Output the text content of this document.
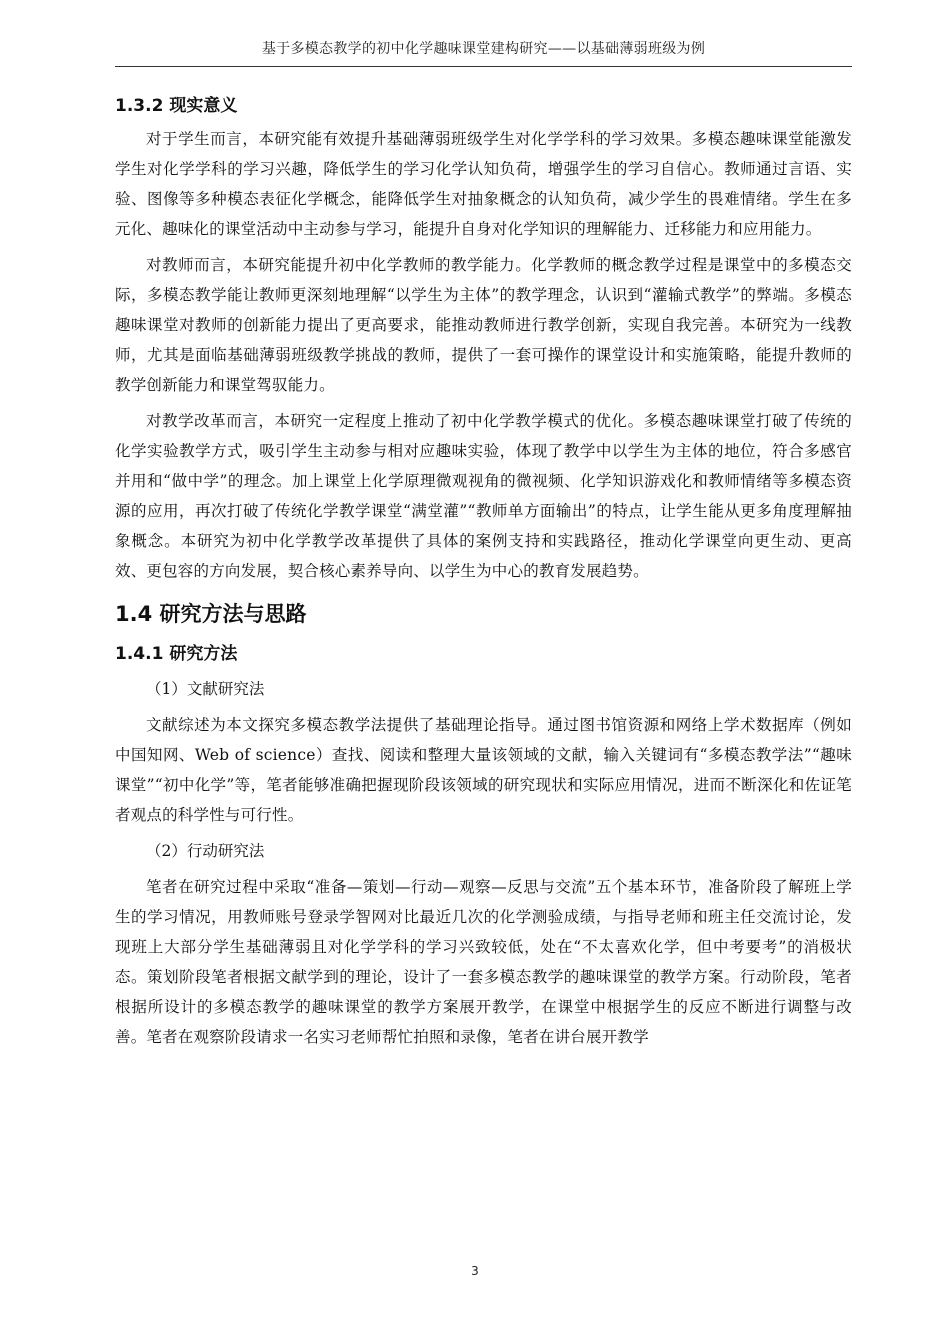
基于多模态教学的初中化学趣味课堂建构研究——以基础薄弱班级为例

1.3.2 现实意义

对于学生而言，本研究能有效提升基础薄弱班级学生对化学学科的学习效果。多模态趣味课堂能激发学生对化学学科的学习兴趣，降低学生的学习化学认知负荷，增强学生的学习自信心。教师通过言语、实验、图像等多种模态表征化学概念，能降低学生对抽象概念的认知负荷，减少学生的畏难情绪。学生在多元化、趣味化的课堂活动中主动参与学习，能提升自身对化学知识的理解能力、迁移能力和应用能力。

对教师而言，本研究能提升初中化学教师的教学能力。化学教师的概念教学过程是课堂中的多模态交际，多模态教学能让教师更深刻地理解“以学生为主体”的教学理念，认识到“灌输式教学”的弊端。多模态趣味课堂对教师的创新能力提出了更高要求，能推动教师进行教学创新，实现自我完善。本研究为一线教师，尤其是面临基础薄弱班级教学挑战的教师，提供了一套可操作的课堂设计和实施策略，能提升教师的教学创新能力和课堂驾驭能力。

对教学改革而言，本研究一定程度上推动了初中化学教学模式的优化。多模态趣味课堂打破了传统的化学实验教学方式，吸引学生主动参与相对应趣味实验，体现了教学中以学生为主体的地位，符合多感官并用和“做中学”的理念。加上课堂上化学原理微观视角的微视频、化学知识游戏化和教师情绪等多模态资源的应用，再次打破了传统化学教学课堂“满堂灌”“教师单方面输出”的特点，让学生能从更多角度理解抽象概念。本研究为初中化学教学改革提供了具体的案例支持和实践路径，推动化学课堂向更生动、更高效、更包容的方向发展，契合核心素养导向、以学生为中心的教育发展趋势。

1.4 研究方法与思路

1.4.1 研究方法

（1）文献研究法

文献综述为本文探究多模态教学法提供了基础理论指导。通过图书馆资源和网络上学术数据库（例如中国知网、Web of science）查找、阅读和整理大量该领域的文献，输入关键词有“多模态教学法”“趣味课堂”“初中化学”等，笔者能够准确把握现阶段该领域的研究现状和实际应用情况，进而不断深化和佐证笔者观点的科学性与可行性。

（2）行动研究法

笔者在研究过程中采取“准备—策划—行动—观察—反思与交流”五个基本环节，准备阶段了解班上学生的学习情况，用教师账号登录学智网对比最近几次的化学测验成绩，与指导老师和班主任交流讨论，发现班上大部分学生基础薄弱且对化学学科的学习兴致较低，处在“不太喜欢化学，但中考要考”的消极状态。策划阶段笔者根据文献学到的理论，设计了一套多模态教学的趣味课堂的教学方案。行动阶段，笔者根据所设计的多模态教学的趣味课堂的教学方案展开教学，在课堂中根据学生的反应不断进行调整与改善。笔者在观察阶段请求一名实习老师帮忙拍照和录像，笔者在讲台展开教学

3
